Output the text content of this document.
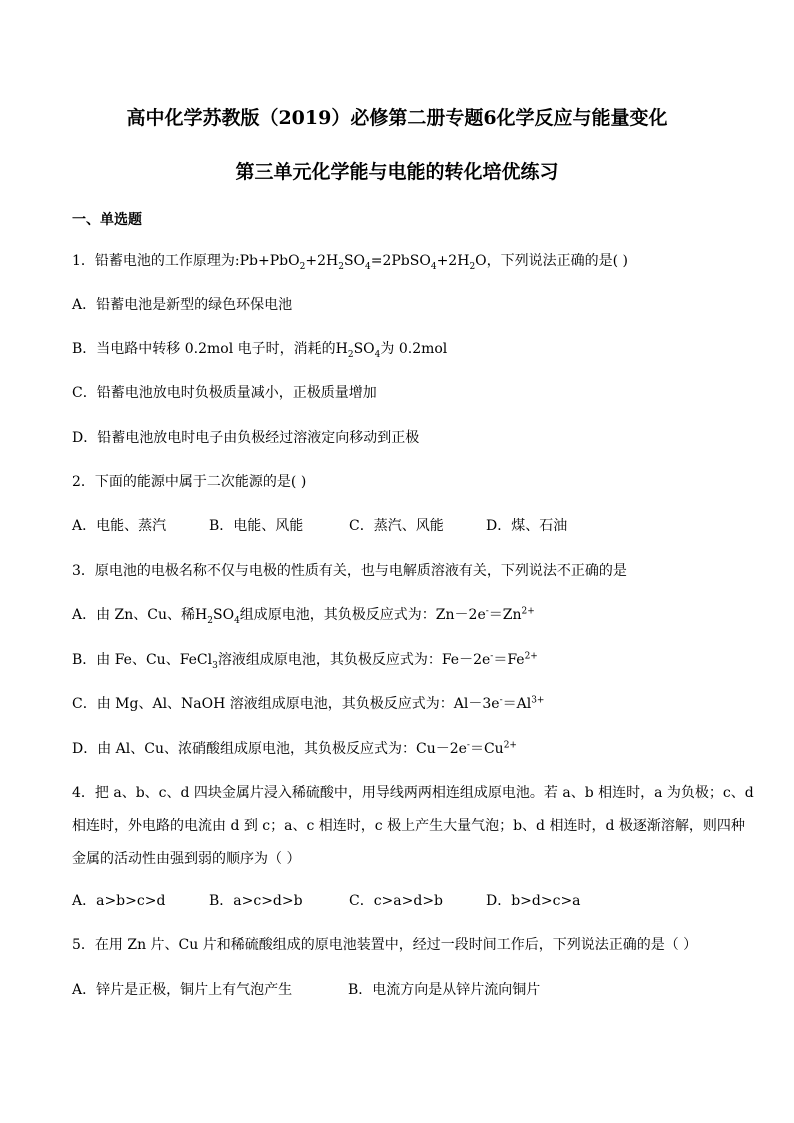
高中化学苏教版（2019）必修第二册专题6化学反应与能量变化
第三单元化学能与电能的转化培优练习
一、单选题
1．铅蓄电池的工作原理为$:Pb+PbO_2+2H_2SO_4=2PbSO_4+2H_2O$，下列说法正确的是( )
A．铅蓄电池是新型的绿色环保电池
B．当电路中转移 0.2mol 电子时，消耗的$H_2SO_4$为 0.2mol
C．铅蓄电池放电时负极质量减小，正极质量增加
D．铅蓄电池放电时电子由负极经过溶液定向移动到正极
2．下面的能源中属于二次能源的是( )
A．电能、蒸汽	B．电能、风能	C．蒸汽、风能	D．煤、石油
3．原电池的电极名称不仅与电极的性质有关，也与电解质溶液有关，下列说法不正确的是
A．由 Zn、Cu、稀$H_2SO_4$组成原电池，其负极反应式为：$Zn-2e^-=Zn^{2+}$
B．由 Fe、Cu、FeCl$_3$溶液组成原电池，其负极反应式为：$Fe-2e^-=Fe^{2+}$
C．由 Mg、Al、NaOH 溶液组成原电池，其负极反应式为：$Al-3e^-=Al^{3+}$
D．由 Al、Cu、浓硝酸组成原电池，其负极反应式为：$Cu-2e^-=Cu^{2+}$
4．把 a、b、c、d 四块金属片浸入稀硫酸中，用导线两两相连组成原电池。若 a、b 相连时，a 为负极；c、d
相连时，外电路的电流由 d 到 c；a、c 相连时，c 极上产生大量气泡；b、d 相连时，d 极逐渐溶解，则四种
金属的活动性由强到弱的顺序为（ ）
A．a>b>c>d	B．a>c>d>b	C．c>a>d>b	D．b>d>c>a
5．在用 Zn 片、Cu 片和稀硫酸组成的原电池装置中，经过一段时间工作后，下列说法正确的是（ ）
A．锌片是正极，铜片上有气泡产生	B．电流方向是从锌片流向铜片
